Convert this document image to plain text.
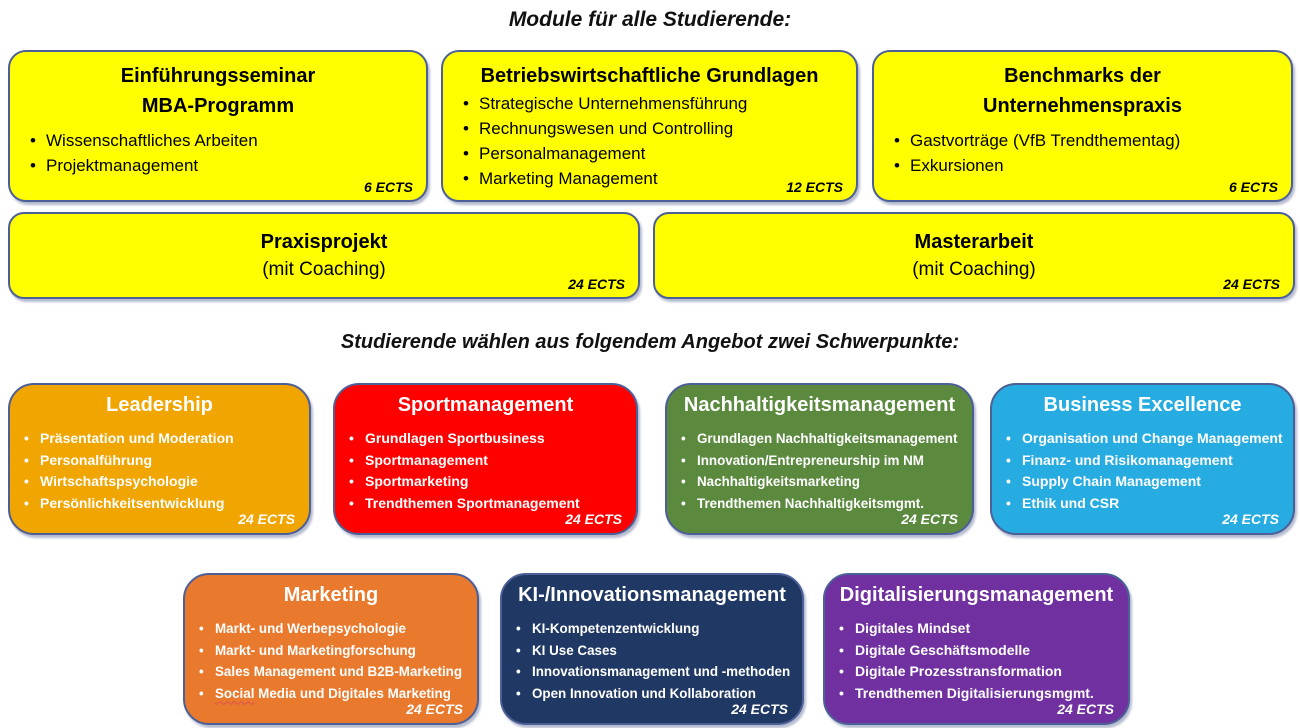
Module für alle Studierende:
Einführungsseminar
MBA-Programm
• Wissenschaftliches Arbeiten
• Projektmanagement
6 ECTS
Betriebswirtschaftliche Grundlagen
• Strategische Unternehmensführung
• Rechnungswesen und Controlling
• Personalmanagement
• Marketing Management	12 ECTS
Benchmarks der
Unternehmenspraxis
• Gastvorträge (VfB Trendthementag)
• Exkursionen
6 ECTS
Praxisprojekt
(mit Coaching)
24 ECTS
Masterarbeit
(mit Coaching)
24 ECTS
Studierende wählen aus folgendem Angebot zwei Schwerpunkte:
Leadership
• Präsentation und Moderation
• Personalführung
• Wirtschaftspsychologie
• Persönlichkeitsentwicklung
24 ECTS
Sportmanagement
• Grundlagen Sportbusiness
• Sportmanagement
• Sportmarketing
• Trendthemen Sportmanagement
24 ECTS
Nachhaltigkeitsmanagement
• Grundlagen Nachhaltigkeitsmanagement
• Innovation/Entrepreneurship im NM
• Nachhaltigkeitsmarketing
• Trendthemen Nachhaltigkeitsmgmt.
24 ECTS
Business Excellence
• Organisation und Change Management
• Finanz- und Risikomanagement
• Supply Chain Management
• Ethik und CSR
24 ECTS
Marketing
• Markt- und Werbepsychologie
• Markt- und Marketingforschung
• Sales Management und B2B-Marketing
• Social Media und Digitales Marketing
24 ECTS
KI-/Innovationsmanagement
• KI-Kompetenzentwicklung
• KI Use Cases
• Innovationsmanagement und -methoden
• Open Innovation und Kollaboration
24 ECTS
Digitalisierungsmanagement
• Digitales Mindset
• Digitale Geschäftsmodelle
• Digitale Prozesstransformation
• Trendthemen Digitalisierungsmgmt.
24 ECTS
